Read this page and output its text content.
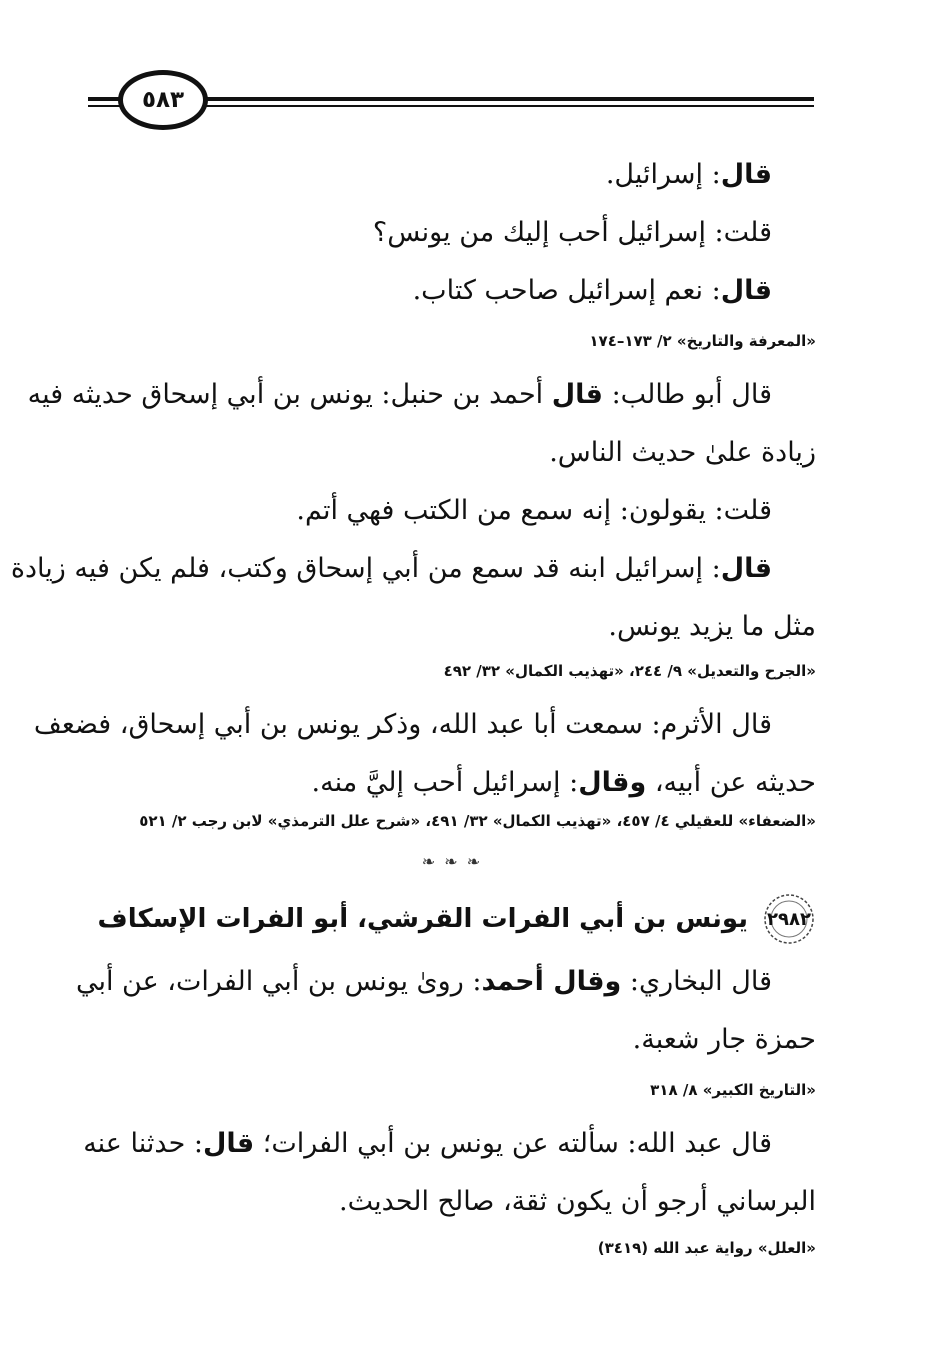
٥٨٣

قال: إسرائيل.

قلت: إسرائيل أحب إليك من يونس؟

قال: نعم إسرائيل صاحب كتاب.

«المعرفة والتاريخ» ٢/ ١٧٣–١٧٤

قال أبو طالب: قال أحمد بن حنبل: يونس بن أبي إسحاق حديثه فيه

زيادة علىٰ حديث الناس.

قلت: يقولون: إنه سمع من الكتب فهي أتم.

قال: إسرائيل ابنه قد سمع من أبي إسحاق وكتب، فلم يكن فيه زيادة

مثل ما يزيد يونس.

«الجرح والتعديل» ٩/ ٢٤٤، «تهذيب الكمال» ٣٢/ ٤٩٢

قال الأثرم: سمعت أبا عبد الله، وذكر يونس بن أبي إسحاق، فضعف

حديثه عن أبيه، وقال: إسرائيل أحب إليَّ منه.

«الضعفاء» للعقيلي ٤/ ٤٥٧، «تهذيب الكمال» ٣٢/ ٤٩١، «شرح علل الترمذي» لابن رجب ٢/ ٥٢١

❧ ❧ ❧
٢٩٨٢
يونس بن أبي الفرات القرشي، أبو الفرات الإسكاف

قال البخاري: وقال أحمد: روىٰ يونس بن أبي الفرات، عن أبي

حمزة جار شعبة.

«التاريخ الكبير» ٨/ ٣١٨

قال عبد الله: سألته عن يونس بن أبي الفرات؛ قال: حدثنا عنه

البرساني أرجو أن يكون ثقة، صالح الحديث.

«العلل» رواية عبد الله (٣٤١٩)
